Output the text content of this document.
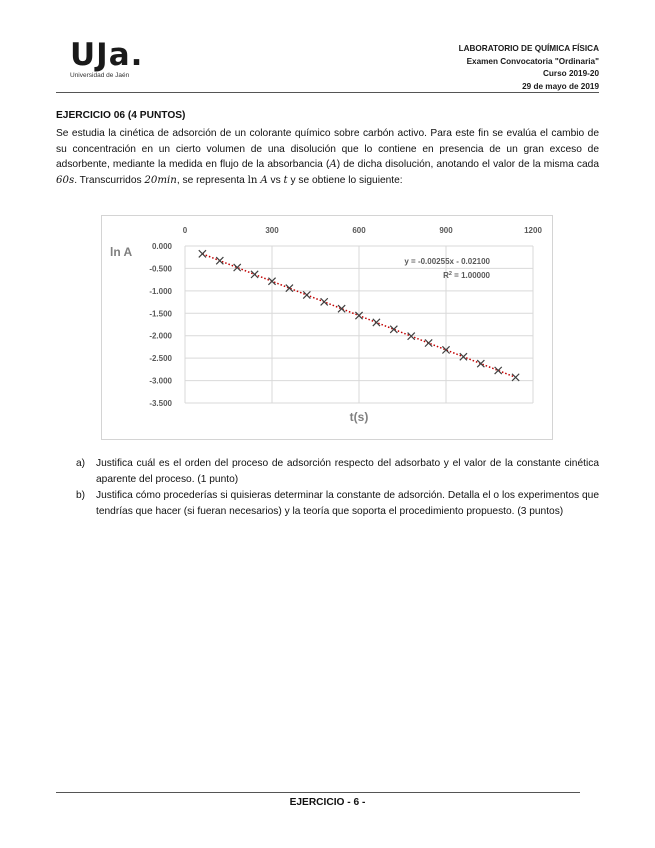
UJa.
Universidad de Jaén
LABORATORIO DE QUÍMICA FÍSICA
Examen Convocatoria "Ordinaria"
Curso 2019-20
29 de mayo de 2019
EJERCICIO 06 (4 PUNTOS)
Se estudia la cinética de adsorción de un colorante químico sobre carbón activo. Para este fin se evalúa el cambio de su concentración en un cierto volumen de una disolución que lo contiene en presencia de un gran exceso de adsorbente, mediante la medida en flujo de la absorbancia (A) de dicha disolución, anotando el valor de la misma cada 60s. Transcurridos 20min, se representa ln A vs t y se obtiene lo siguiente:
0.000
-0.500
-1.000
-1.500
-2.000
-2.500
-3.000
-3.500
0	300	600	900	1200
ln A
t(s)
y = -0.00255x - 0.02100
$R^2 = 1.00000$
a)	Justifica cuál es el orden del proceso de adsorción respecto del adsorbato y el valor de la constante cinética aparente del proceso. (1 punto)
b)	Justifica cómo procederías si quisieras determinar la constante de adsorción. Detalla el o los experimentos que tendrías que hacer (si fueran necesarios) y la teoría que soporta el procedimiento propuesto. (3 puntos)
EJERCICIO - 6 -
